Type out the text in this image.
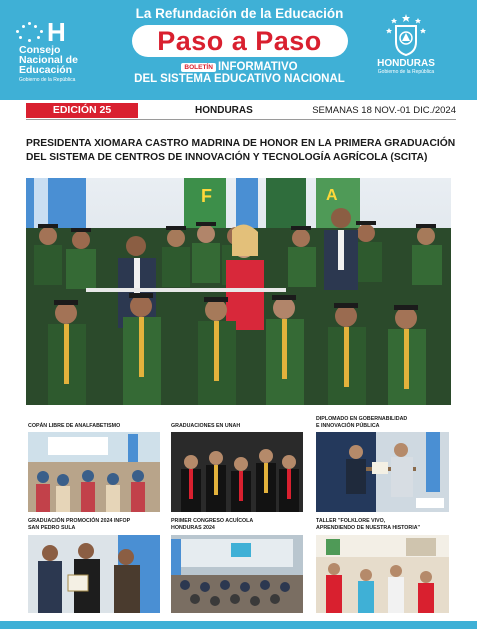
H
Consejo
Nacional de
Educación
Gobierno de la República
La Refundación de la Educación
Paso a Paso
BOLETÍN INFORMATIVO
DEL SISTEMA EDUCATIVO NACIONAL
HONDURAS
Gobierno de la República
EDICIÓN 25	HONDURAS	SEMANAS 18 NOV.-01 DIC./2024
PRESIDENTA XIOMARA CASTRO MADRINA DE HONOR EN LA PRIMERA GRADUACIÓN DEL SISTEMA DE CENTROS DE INNOVACIÓN Y TECNOLOGÍA AGRÍCOLA (SCITA)
F	A
COPÁN LIBRE DE ANALFABETISMO	GRADUACIONES EN UNAH
DIPLOMADO EN GOBERNABILIDAD
E INNOVACIÓN PÚBLICA
GRADUACIÓN PROMOCIÓN 2024 INFOP
SAN PEDRO SULA
PRIMER CONGRESO ACUÍCOLA
HONDURAS 2024
TALLER "FOLKLORE VIVO,
APRENDIENDO DE NUESTRA HISTORIA"
